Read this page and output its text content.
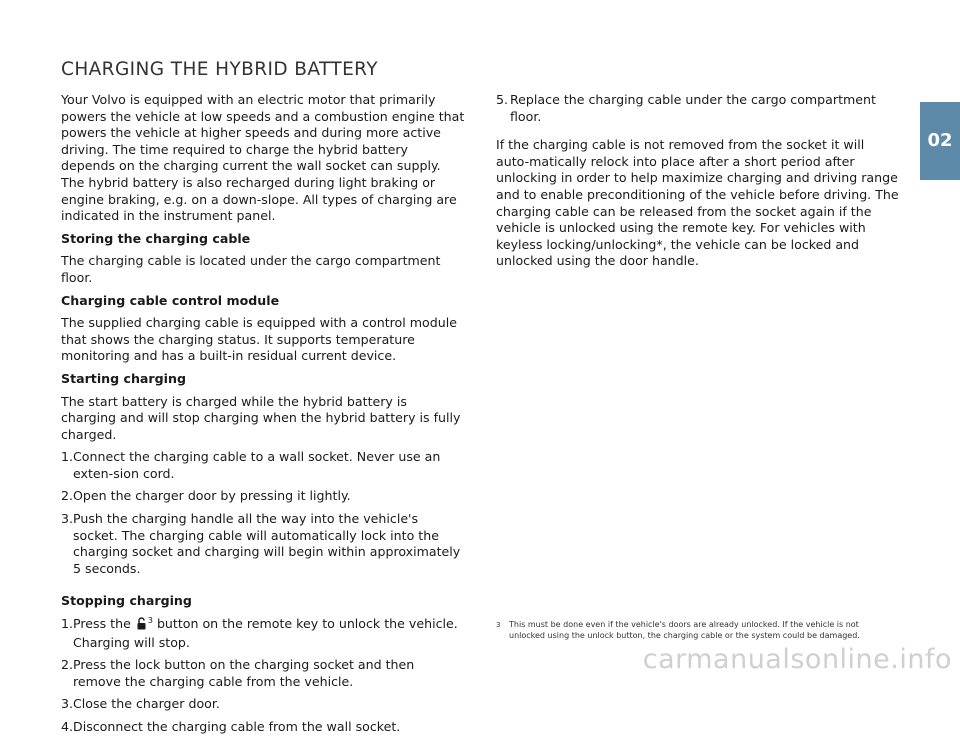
CHARGING THE HYBRID BATTERY

Your Volvo is equipped with an electric motor that primarily powers the vehicle at low speeds and a combustion engine that powers the vehicle at higher speeds and during more active driving. The time required to charge the hybrid battery depends on the charging current the wall socket can supply. The hybrid battery is also recharged during light braking or engine braking, e.g. on a down-slope. All types of charging are indicated in the instrument panel.

Storing the charging cable

The charging cable is located under the cargo compartment floor.

Charging cable control module

The supplied charging cable is equipped with a control module that shows the charging status. It supports temperature monitoring and has a built-in residual current device.

Starting charging

The start battery is charged while the hybrid battery is charging and will stop charging when the hybrid battery is fully charged.

1. Connect the charging cable to a wall socket. Never use an exten-sion cord.
2. Open the charger door by pressing it lightly.
3. Push the charging handle all the way into the vehicle's socket. The charging cable will automatically lock into the charging socket and charging will begin within approximately 5 seconds.

Stopping charging

1. Press the $^3$ button on the remote key to unlock the vehicle. Charging will stop.
2. Press the lock button on the charging socket and then remove the charging cable from the vehicle.
3. Close the charger door.
4. Disconnect the charging cable from the wall socket.
5. Replace the charging cable under the cargo compartment floor.

If the charging cable is not removed from the socket it will auto-matically relock into place after a short period after unlocking in order to help maximize charging and driving range and to enable preconditioning of the vehicle before driving. The charging cable can be released from the socket again if the vehicle is unlocked using the remote key. For vehicles with keyless locking/unlocking*, the vehicle can be locked and unlocked using the door handle.

3	This must be done even if the vehicle's doors are already unlocked. If the vehicle is not unlocked using the unlock button, the charging cable or the system could be damaged.
02
carmanualsonline.info
